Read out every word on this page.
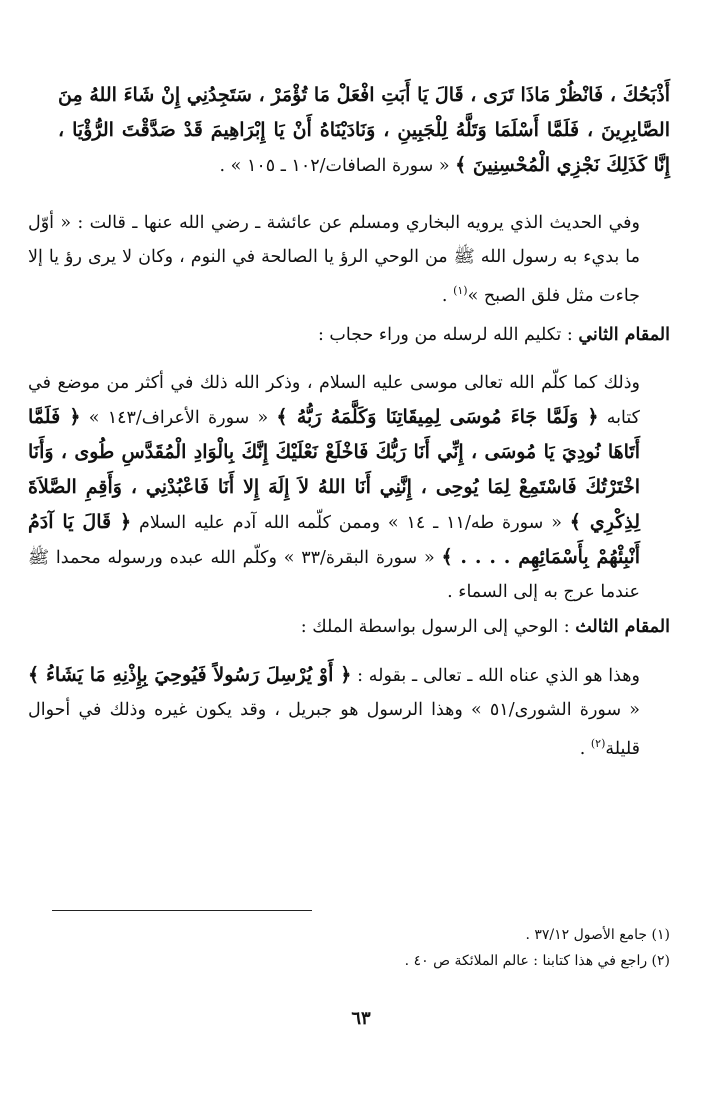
أَذْبَحُكَ ، فَانْظُرْ مَاذَا تَرَى ، قَالَ يَا أَبَتِ افْعَلْ مَا تُؤْمَرْ ، سَتَجِدُنِي إِنْ شَاءَ اللهُ مِنَ الصَّابِرِينَ ، فَلَمَّا أَسْلَمَا وَتَلَّهُ لِلْجَبِينِ ، وَنَادَيْنَاهُ أَنْ يَا إِبْرَاهِيمَ قَدْ صَدَّقْتَ الرُّؤْيَا ، إِنَّا كَذَلِكَ نَجْزِي الْمُحْسِنِينَ ﴾ « سورة الصافات/١٠٢ ـ ١٠٥ » .

وفي الحديث الذي يرويه البخاري ومسلم عن عائشة ـ رضي الله عنها ـ قالت : « أوّل ما بديء به رسول الله ﷺ من الوحي الرؤ يا الصالحة في النوم ، وكان لا يرى رؤ يا إلا جاءت مثل فلق الصبح »$^{(١)}$ .

المقام الثاني : تكليم الله لرسله من وراء حجاب :

وذلك كما كلّم الله تعالى موسى عليه السلام ، وذكر الله ذلك في أكثر من موضع في كتابه ﴿ وَلَمَّا جَاءَ مُوسَى لِمِيقَاتِنَا وَكَلَّمَهُ رَبُّهُ ﴾ « سورة الأعراف/١٤٣ » ﴿ فَلَمَّا أَتَاهَا نُودِيَ يَا مُوسَى ، إِنِّي أَنَا رَبُّكَ فَاخْلَعْ نَعْلَيْكَ إِنَّكَ بِالْوَادِ الْمُقَدَّسِ طُوى ، وَأَنَا اخْتَرْتُكَ فَاسْتَمِعْ لِمَا يُوحِى ، إِنَّنِي أَنَا اللهُ لاَ إِلَهَ إِلا أَنَا فَاعْبُدْنِي ، وَأَقِمِ الصَّلاَةَ لِذِكْرِي ﴾ « سورة طه/١١ ـ ١٤ » وممن كلّمه الله آدم عليه السلام ﴿ قَالَ يَا آدَمُ أَنْبِئْهُمْ بِأَسْمَائِهِم . . . . ﴾ « سورة البقرة/٣٣ » وكلّم الله عبده ورسوله محمدا ﷺ عندما عرج به إلى السماء .

المقام الثالث : الوحي إلى الرسول بواسطة الملك :

وهذا هو الذي عناه الله ـ تعالى ـ بقوله : ﴿ أَوْ يُرْسِلَ رَسُولاً فَيُوحِيَ بِإِذْنِهِ مَا يَشَاءُ ﴾ « سورة الشورى/٥١ » وهذا الرسول هو جبريل ، وقد يكون غيره وذلك في أحوال قليلة$^{(٢)}$ .

(١) جامع الأصول ٣٧/١٢ .

(٢) راجع في هذا كتابنا : عالم الملائكة ص ٤٠ .

٦٣
